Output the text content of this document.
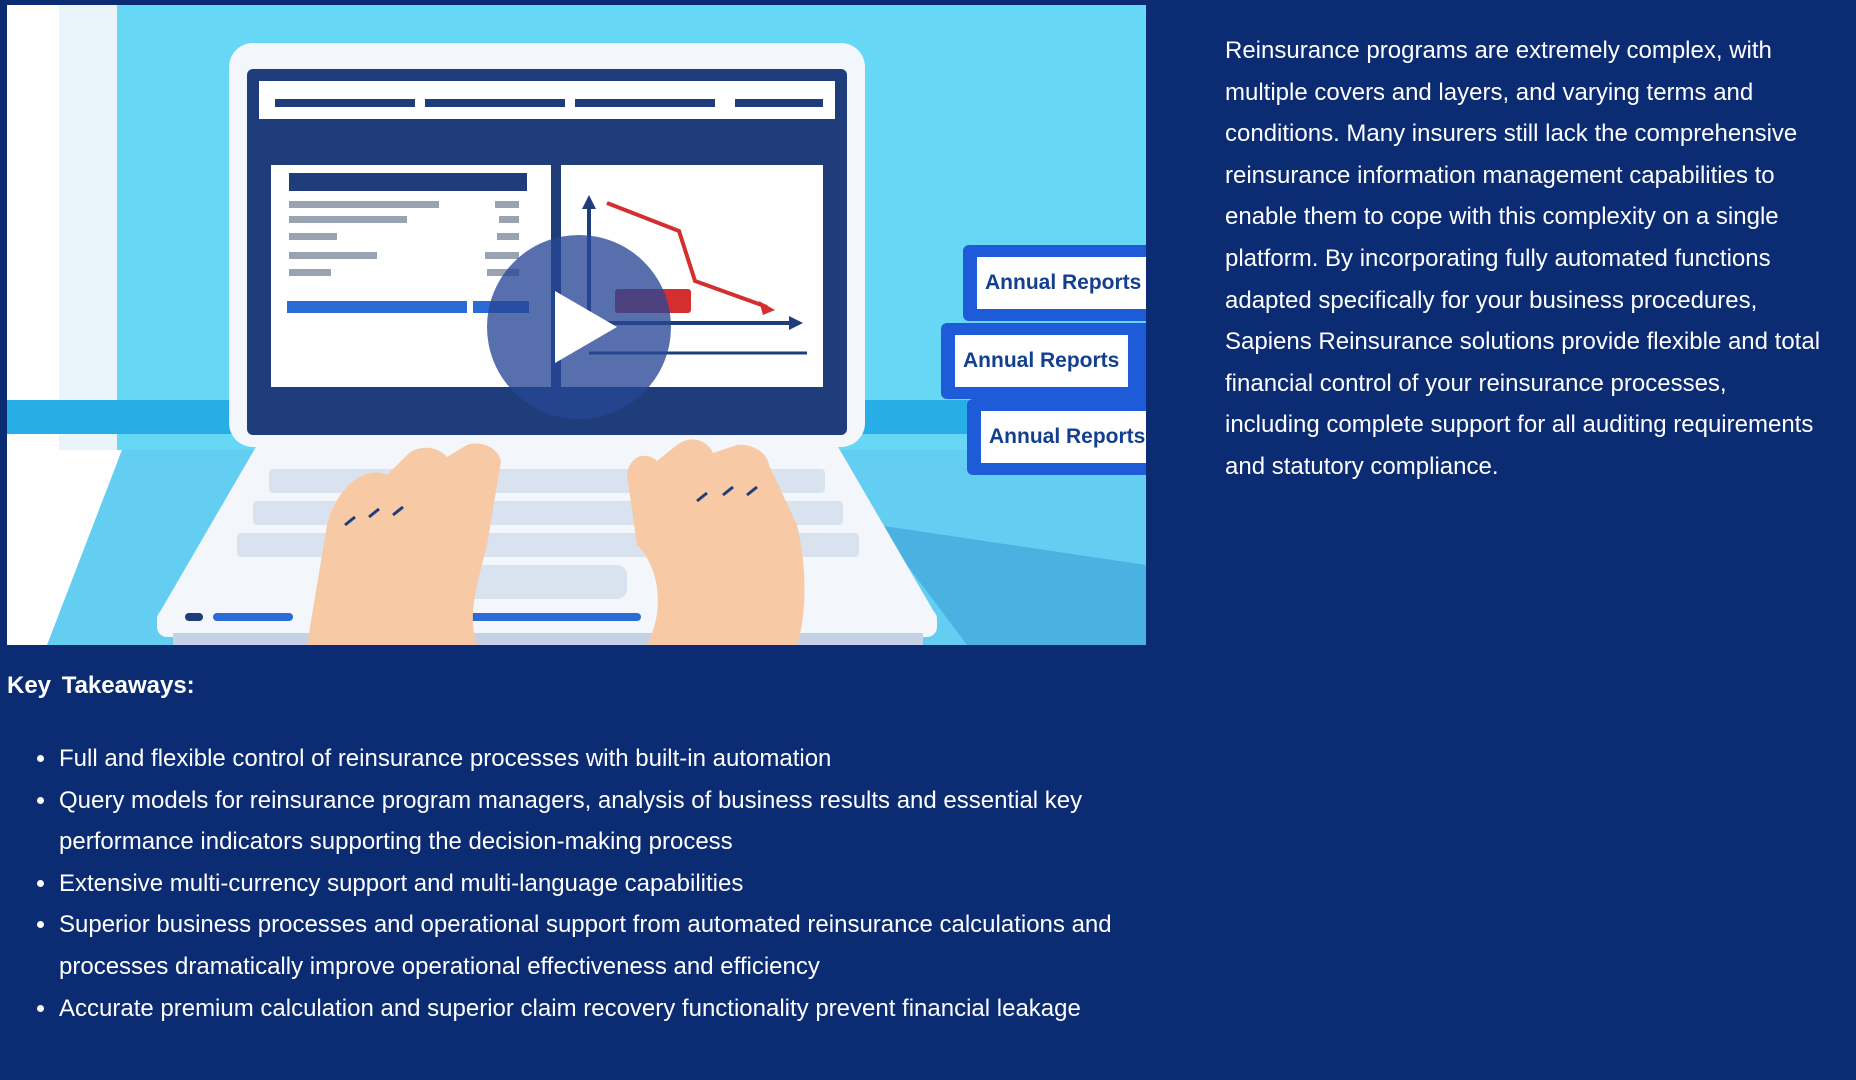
Annual Reports
Annual Reports
Annual Reports

Reinsurance programs are extremely complex, with multiple covers and layers, and varying terms and conditions. Many insurers still lack the comprehensive reinsurance information management capabilities to enable them to cope with this complexity on a single platform. By incorporating fully automated functions adapted specifically for your business procedures, Sapiens Reinsurance solutions provide flexible and total financial control of your reinsurance processes, including complete support for all auditing requirements and statutory compliance.

Key Takeaways:
Full and flexible control of reinsurance processes with built-in automation
Query models for reinsurance program managers, analysis of business results and essential key performance indicators supporting the decision-making process
Extensive multi-currency support and multi-language capabilities
Superior business processes and operational support from automated reinsurance calculations and processes dramatically improve operational effectiveness and efficiency
Accurate premium calculation and superior claim recovery functionality prevent financial leakage
